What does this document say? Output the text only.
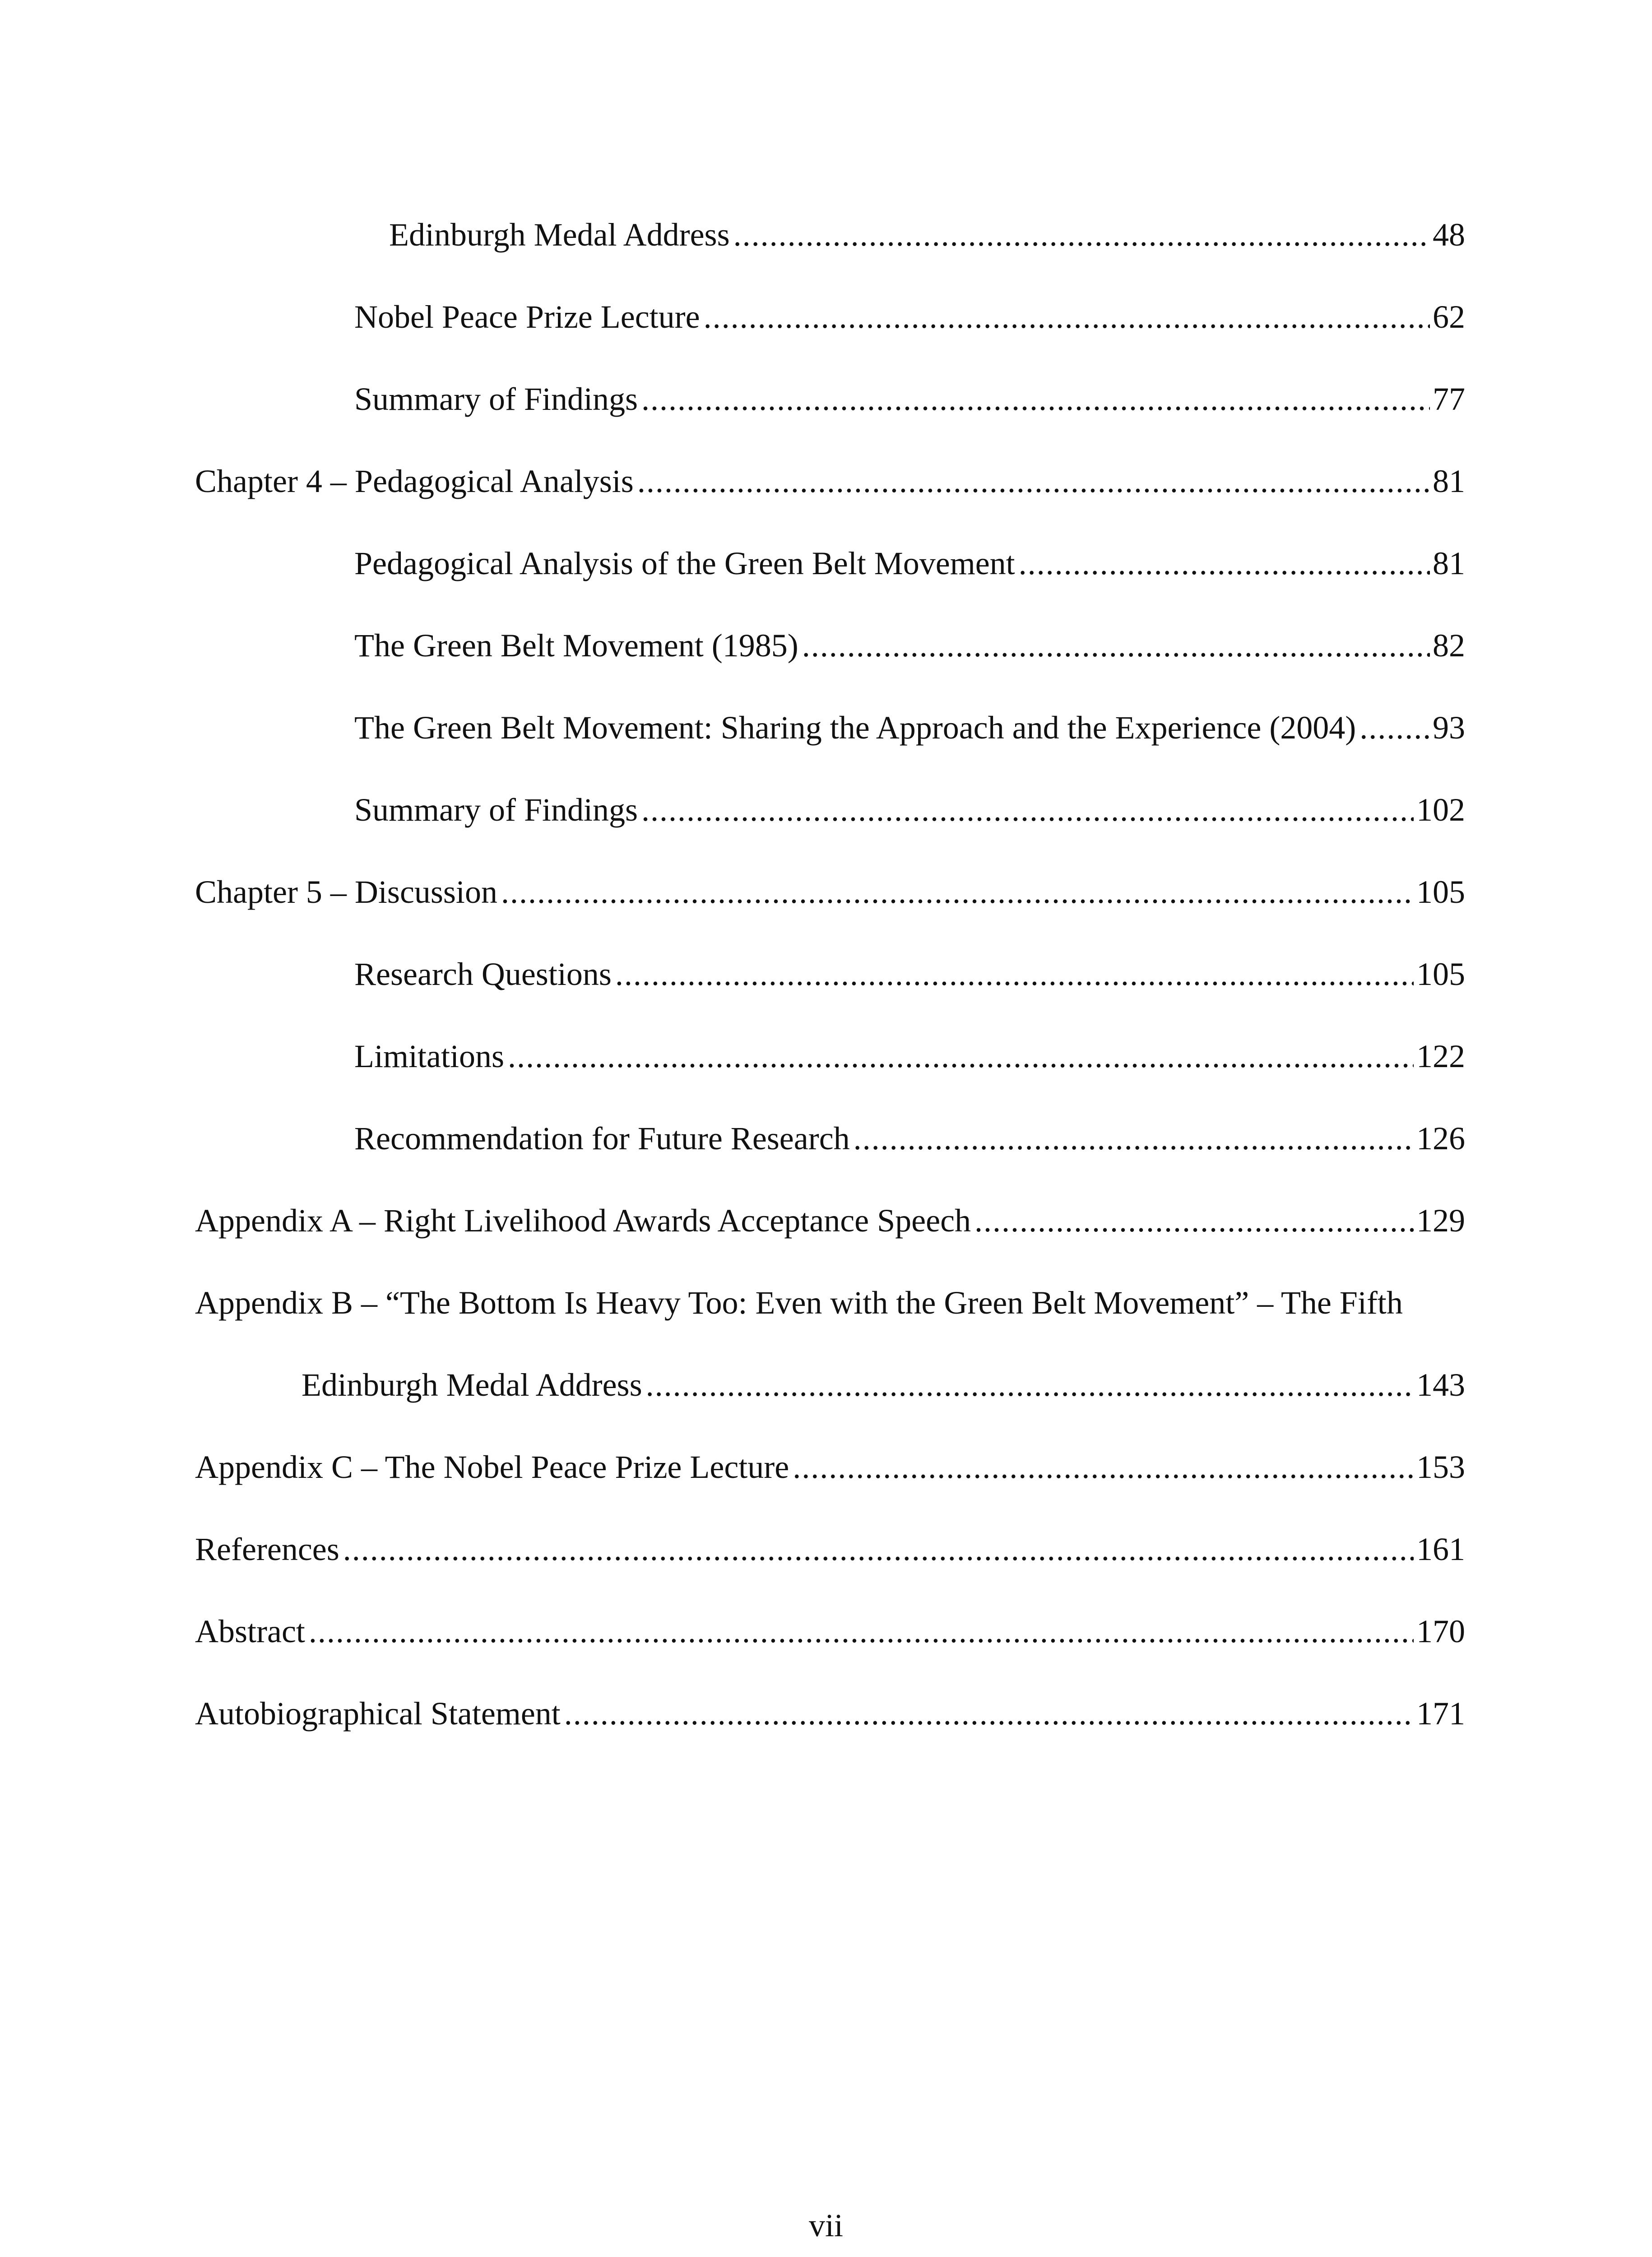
Edinburgh Medal Address .....	48
Nobel Peace Prize Lecture .....	62
Summary of Findings .....	77
Chapter 4 – Pedagogical Analysis .....	81
Pedagogical Analysis of the Green Belt Movement .....	81
The Green Belt Movement (1985) .....	82
The Green Belt Movement: Sharing the Approach and the Experience (2004) ..... 93
Summary of Findings .....	102
Chapter 5 – Discussion .....	105
Research Questions .....	105
Limitations .....	122
Recommendation for Future Research .....	126
Appendix A – Right Livelihood Awards Acceptance Speech .....	129
Appendix B – “The Bottom Is Heavy Too: Even with the Green Belt Movement” – The Fifth
Edinburgh Medal Address .....	143
Appendix C – The Nobel Peace Prize Lecture .....	153
References .....	161
Abstract .....	170
Autobiographical Statement .....	171
vii
